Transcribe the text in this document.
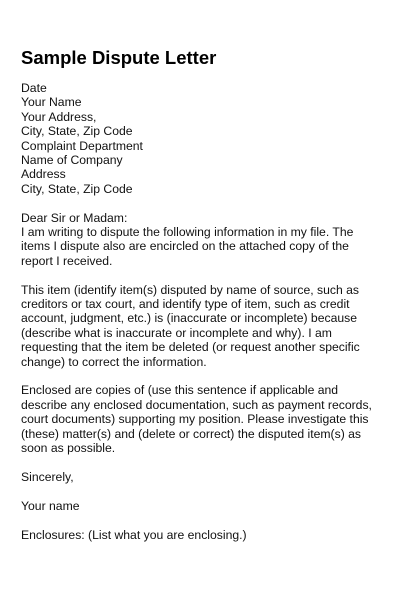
Sample Dispute Letter

Date
Your Name
Your Address,
City, State, Zip Code
Complaint Department
Name of Company
Address
City, State, Zip Code

Dear Sir or Madam:
I am writing to dispute the following information in my file. The
items I dispute also are encircled on the attached copy of the
report I received.

This item (identify item(s) disputed by name of source, such as
creditors or tax court, and identify type of item, such as credit
account, judgment, etc.) is (inaccurate or incomplete) because
(describe what is inaccurate or incomplete and why). I am
requesting that the item be deleted (or request another specific
change) to correct the information.

Enclosed are copies of (use this sentence if applicable and
describe any enclosed documentation, such as payment records,
court documents) supporting my position. Please investigate this
(these) matter(s) and (delete or correct) the disputed item(s) as
soon as possible.

Sincerely,

Your name

Enclosures: (List what you are enclosing.)
